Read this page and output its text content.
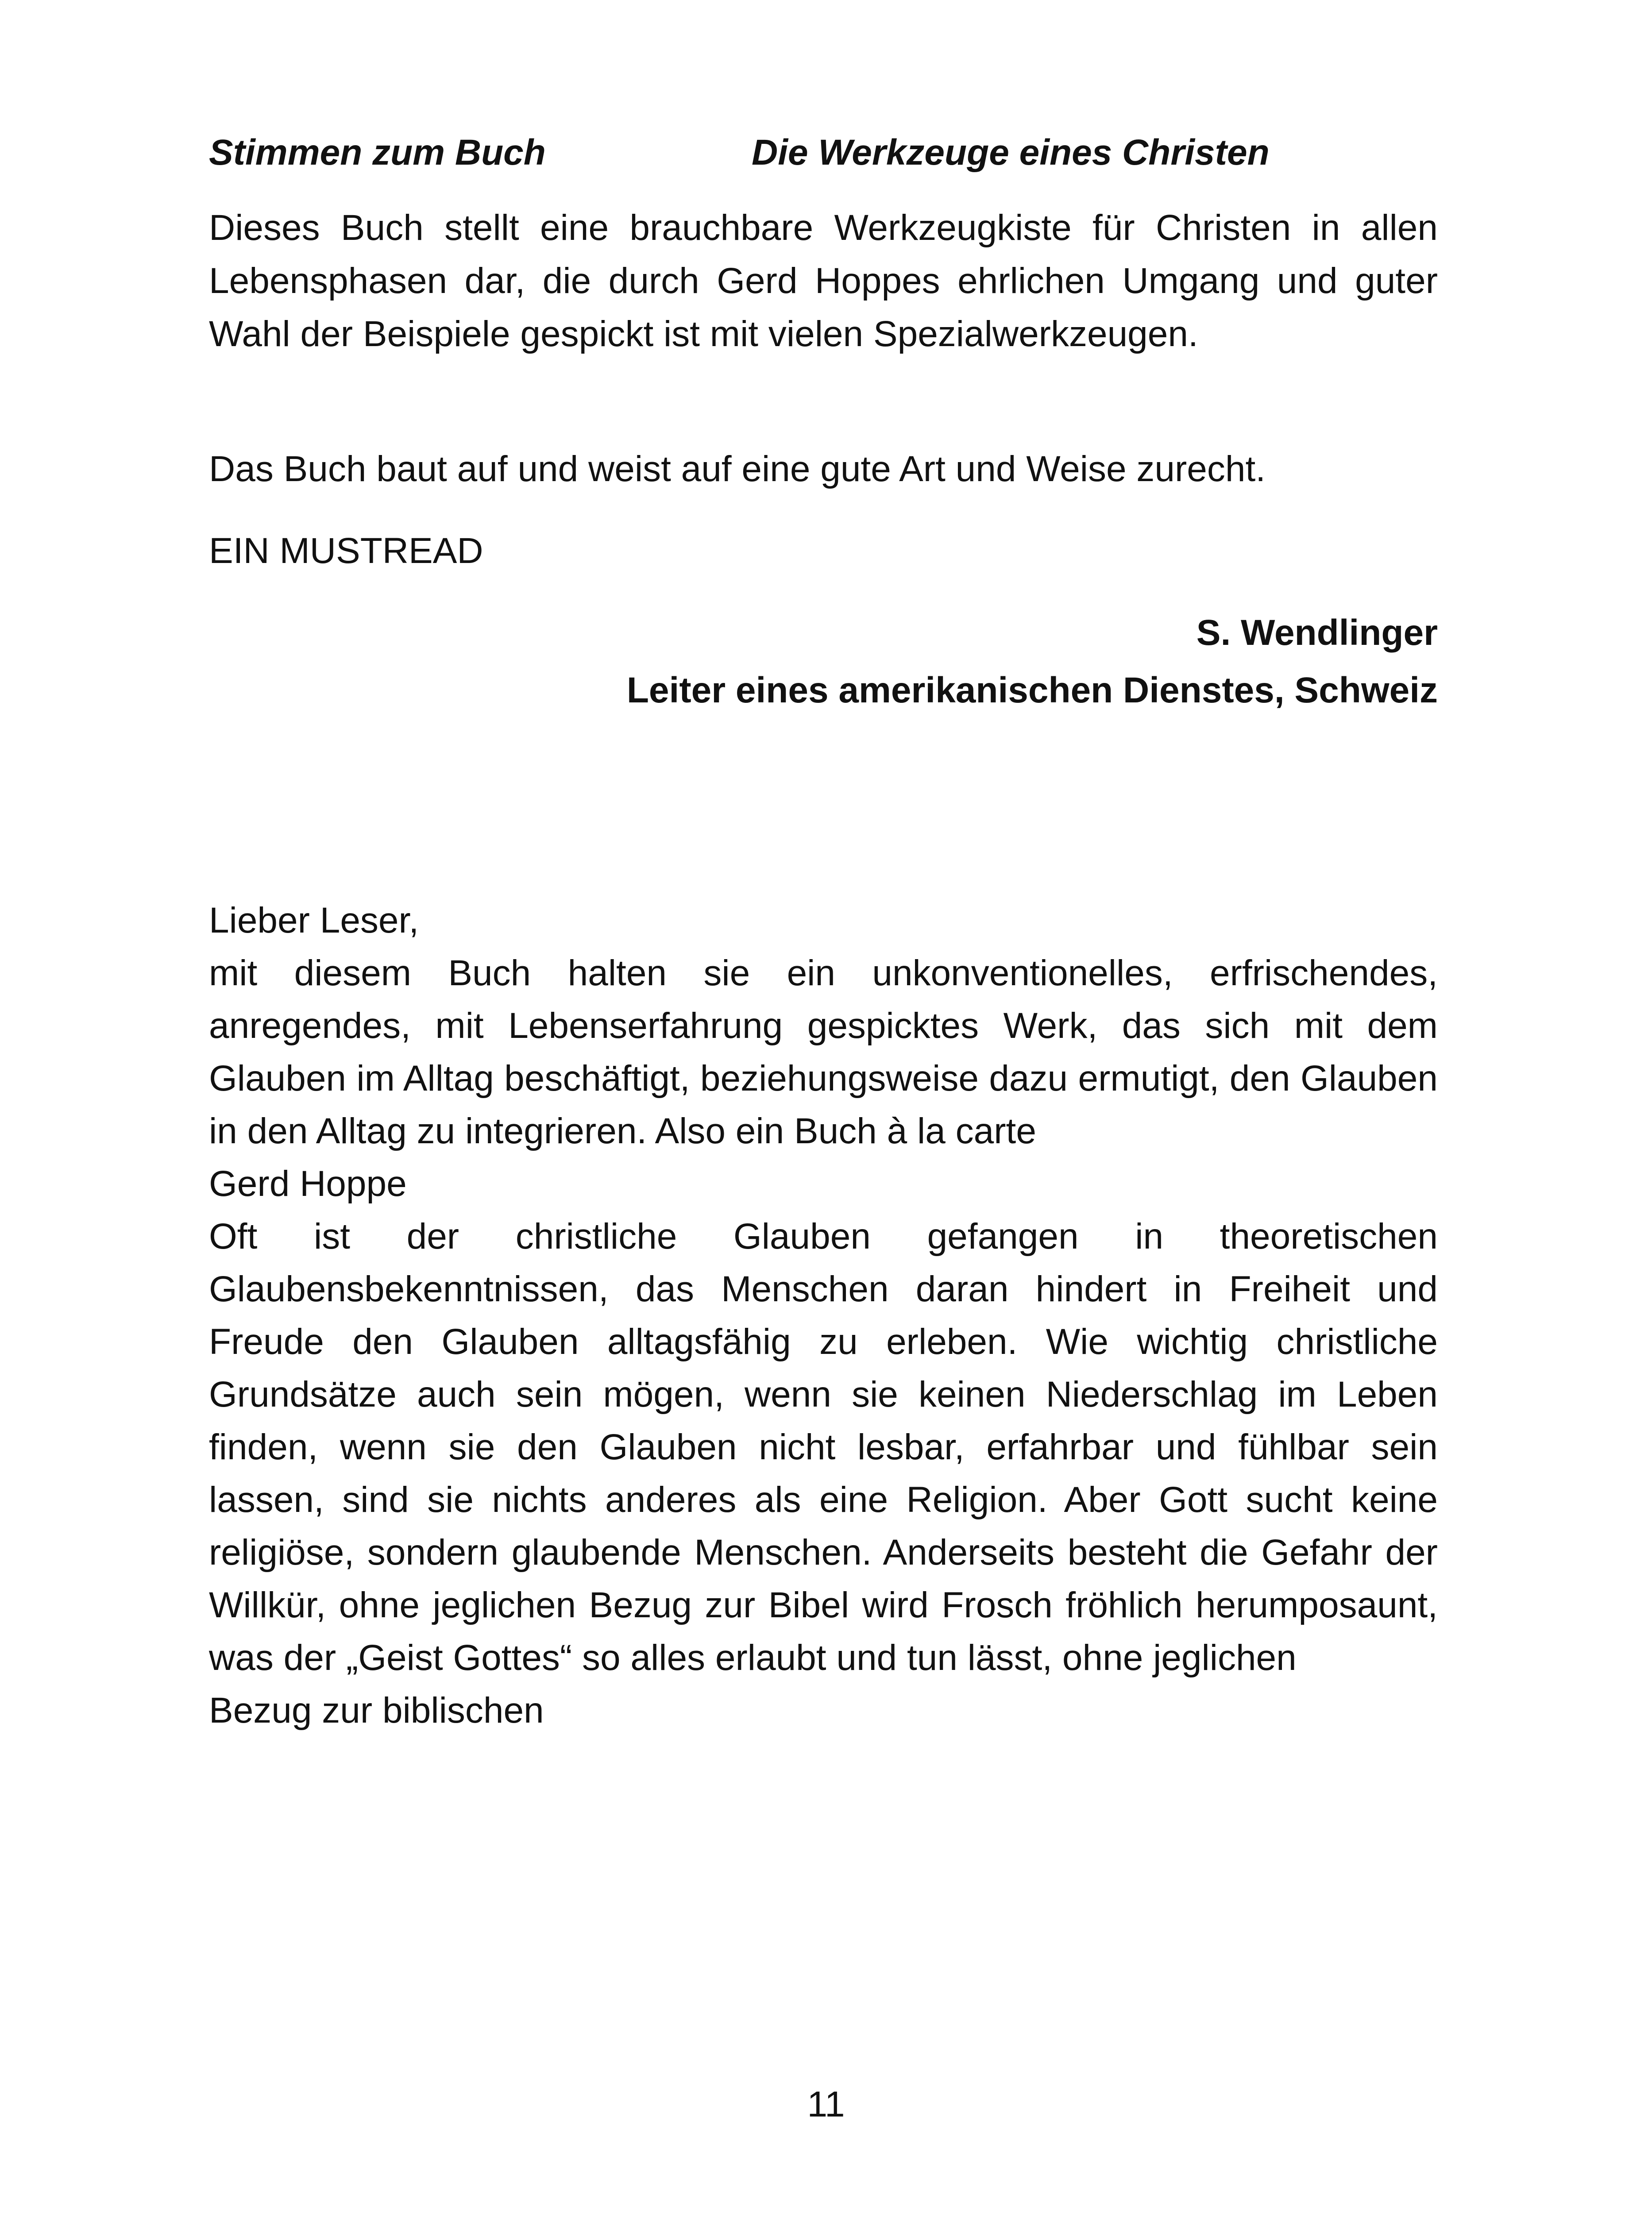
Stimmen zum Buch	Die Werkzeuge eines Christen

Dieses Buch stellt eine brauchbare Werkzeugkiste für Christen in allen Lebensphasen dar, die durch Gerd Hoppes ehrlichen Umgang und guter Wahl der Beispiele gespickt ist mit vielen Spezialwerkzeugen.

Das Buch baut auf und weist auf eine gute Art und Weise zurecht.

EIN MUSTREAD

S. Wendlinger
Leiter eines amerikanischen Dienstes, Schweiz

Lieber Leser,

mit diesem Buch halten sie ein unkonventionelles, erfrischendes, anregendes, mit Lebenserfahrung gespicktes Werk, das sich mit dem Glauben im Alltag beschäftigt, beziehungsweise dazu ermutigt, den Glauben in den Alltag zu integrieren. Also ein Buch à la carte

Gerd Hoppe

Oft ist der christliche Glauben gefangen in theoretischen Glaubensbekenntnissen, das Menschen daran hindert in Freiheit und Freude den Glauben alltagsfähig zu erleben. Wie wichtig christliche Grundsätze auch sein mögen, wenn sie keinen Niederschlag im Leben finden, wenn sie den Glauben nicht lesbar, erfahrbar und fühlbar sein lassen, sind sie nichts anderes als eine Religion. Aber Gott sucht keine religiöse, sondern glaubende Menschen. Anderseits besteht die Gefahr der Willkür, ohne jeglichen Bezug zur Bibel wird Frosch fröhlich herumposaunt, was der „Geist Gottes“ so alles erlaubt und tun lässt, ohne jeglichen

Bezug zur biblischen

11
